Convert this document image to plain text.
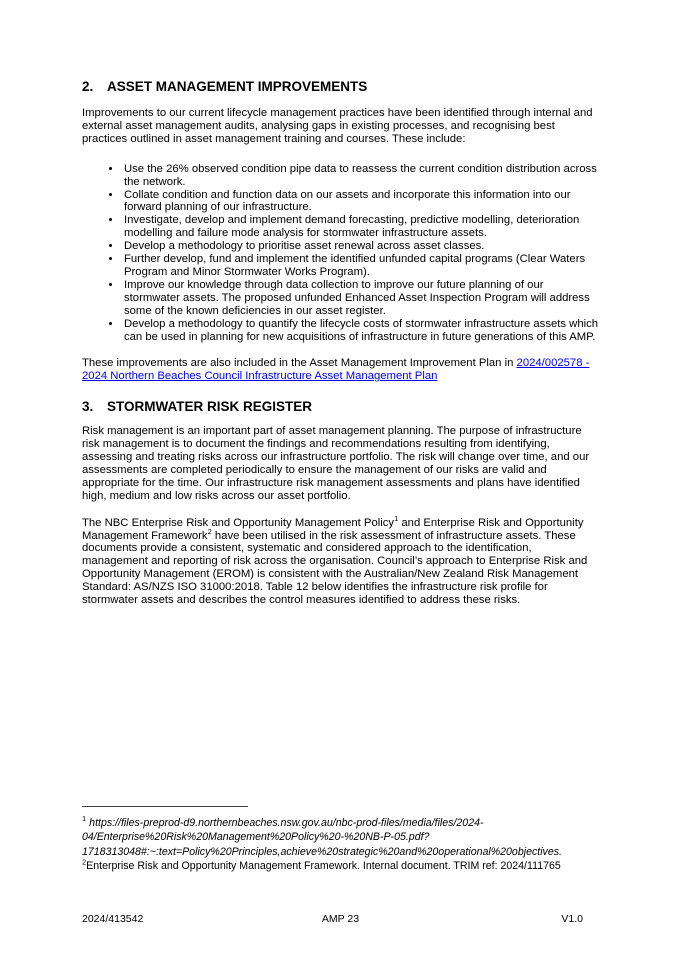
2. ASSET MANAGEMENT IMPROVEMENTS

Improvements to our current lifecycle management practices have been identified through internal and external asset management audits, analysing gaps in existing processes, and recognising best practices outlined in asset management training and courses. These include:

• Use the 26% observed condition pipe data to reassess the current condition distribution across the network.
• Collate condition and function data on our assets and incorporate this information into our forward planning of our infrastructure.
• Investigate, develop and implement demand forecasting, predictive modelling, deterioration modelling and failure mode analysis for stormwater infrastructure assets.
• Develop a methodology to prioritise asset renewal across asset classes.
• Further develop, fund and implement the identified unfunded capital programs (Clear Waters Program and Minor Stormwater Works Program).
• Improve our knowledge through data collection to improve our future planning of our stormwater assets. The proposed unfunded Enhanced Asset Inspection Program will address some of the known deficiencies in our asset register.
• Develop a methodology to quantify the lifecycle costs of stormwater infrastructure assets which can be used in planning for new acquisitions of infrastructure in future generations of this AMP.

These improvements are also included in the Asset Management Improvement Plan in 2024/002578 - 2024 Northern Beaches Council Infrastructure Asset Management Plan

3. STORMWATER RISK REGISTER

Risk management is an important part of asset management planning. The purpose of infrastructure risk management is to document the findings and recommendations resulting from identifying, assessing and treating risks across our infrastructure portfolio. The risk will change over time, and our assessments are completed periodically to ensure the management of our risks are valid and appropriate for the time. Our infrastructure risk management assessments and plans have identified high, medium and low risks across our asset portfolio.

The NBC Enterprise Risk and Opportunity Management Policy$^1$ and Enterprise Risk and Opportunity Management Framework$^2$ have been utilised in the risk assessment of infrastructure assets. These documents provide a consistent, systematic and considered approach to the identification, management and reporting of risk across the organisation. Council’s approach to Enterprise Risk and Opportunity Management (EROM) is consistent with the Australian/New Zealand Risk Management Standard: AS/NZS ISO 31000:2018. Table 12 below identifies the infrastructure risk profile for stormwater assets and describes the control measures identified to address these risks.

$^1$ https://files-preprod-d9.northernbeaches.nsw.gov.au/nbc-prod-files/media/files/2024-04/Enterprise%20Risk%20Management%20Policy%20-%20NB-P-05.pdf?1718313048#:~:text=Policy%20Principles,achieve%20strategic%20and%20operational%20objectives.

$^2$Enterprise Risk and Opportunity Management Framework. Internal document. TRIM ref: 2024/111765

2024/413542	AMP 23	V1.0
